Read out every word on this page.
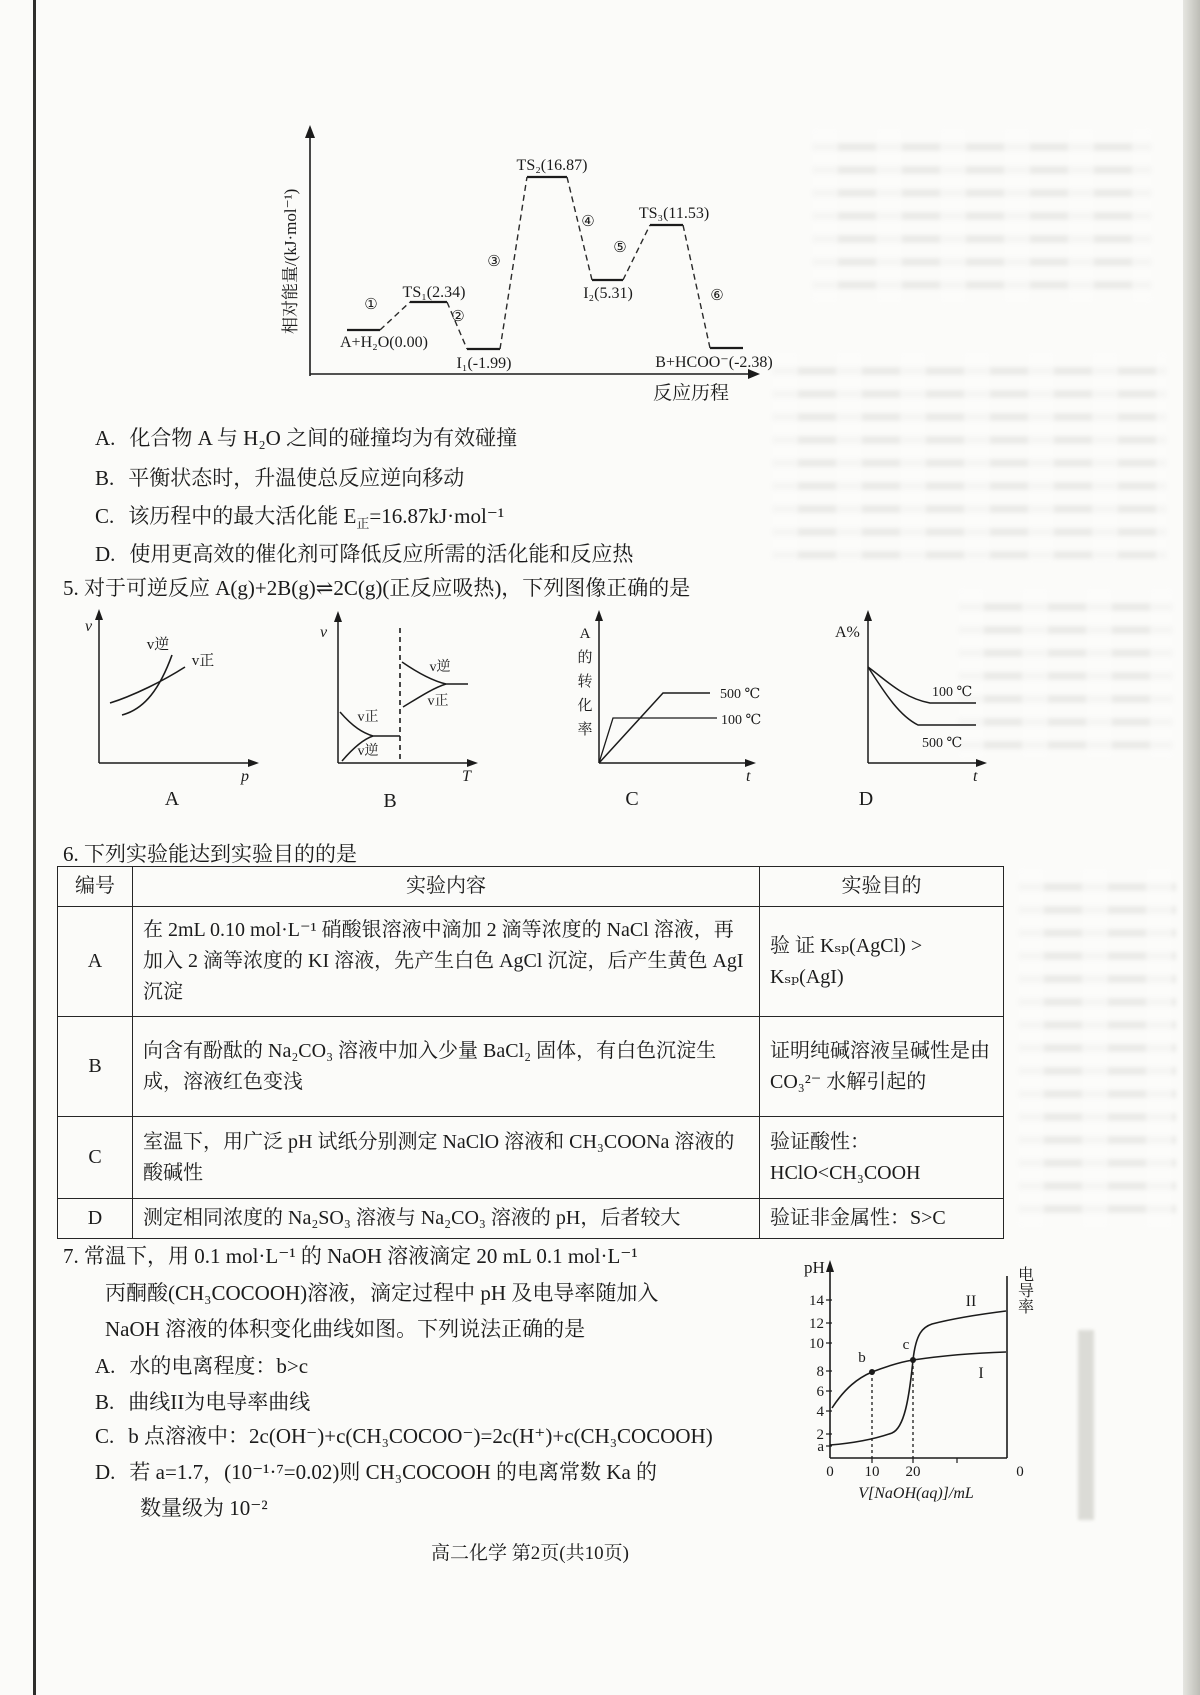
相对能量/(kJ·mol⁻¹)
反应历程
A+H₂O(0.00)
TS₁(2.34)
I₁(-1.99)
TS₂(16.87)
I₂(5.31)
TS₃(11.53)
B+HCOO⁻(-2.38)
①
②
③
④
⑤
⑥
A. 化合物 A 与 H₂O 之间的碰撞均为有效碰撞
B. 平衡状态时，升温使总反应逆向移动
C. 该历程中的最大活化能 $E_正=16.87kJ\cdot mol^{-1}$
D. 使用更高效的催化剂可降低反应所需的活化能和反应热
5. 对于可逆反应 A(g)+2B(g)⇌2C(g)(正反应吸热)，下列图像正确的是
v
p
v逆
v正
v
T
v正
v逆
v逆
v正
A
的
转
化
率
t
500 ℃
100 ℃
A%
t
100 ℃
500 ℃
A	B	C	D
6. 下列实验能达到实验目的的是
编号	实验内容	实验目的
A	在 2mL 0.10 mol·L⁻¹ 硝酸银溶液中滴加 2 滴等浓度的 NaCl 溶液，再加入 2 滴等浓度的 KI 溶液，先产生白色 AgCl 沉淀，后产生黄色 AgI 沉淀	验 证 Kₛₚ(AgCl) > Kₛₚ(AgI)
B	向含有酚酞的 Na₂CO₃ 溶液中加入少量 BaCl₂ 固体，有白色沉淀生成，溶液红色变浅	证明纯碱溶液呈碱性是由 CO₃²⁻ 水解引起的
C	室温下，用广泛 pH 试纸分别测定 NaClO 溶液和 CH₃COONa 溶液的酸碱性	验证酸性：HClO<CH₃COOH
D	测定相同浓度的 Na₂SO₃ 溶液与 Na₂CO₃ 溶液的 pH，后者较大	验证非金属性：S>C
7. 常温下，用 0.1 mol·L⁻¹ 的 NaOH 溶液滴定 20 mL 0.1 mol·L⁻¹
丙酮酸(CH₃COCOOH)溶液，滴定过程中 pH 及电导率随加入
NaOH 溶液的体积变化曲线如图。下列说法正确的是
A. 水的电离程度：b>c
B. 曲线II为电导率曲线
C. b 点溶液中：2c(OH⁻)+c(CH₃COCOO⁻)=2c(H⁺)+c(CH₃COCOOH)
D. 若 a=1.7，(10⁻¹·⁷=0.02)则 CH₃COCOOH 的电离常数 Ka 的
数量级为 10⁻²
pH	电导率
14
12
10
8
6
4
2
a
0 10 20	0
V[NaOH(aq)]/mL
b
c
II
I
高二化学 第2页(共10页)
